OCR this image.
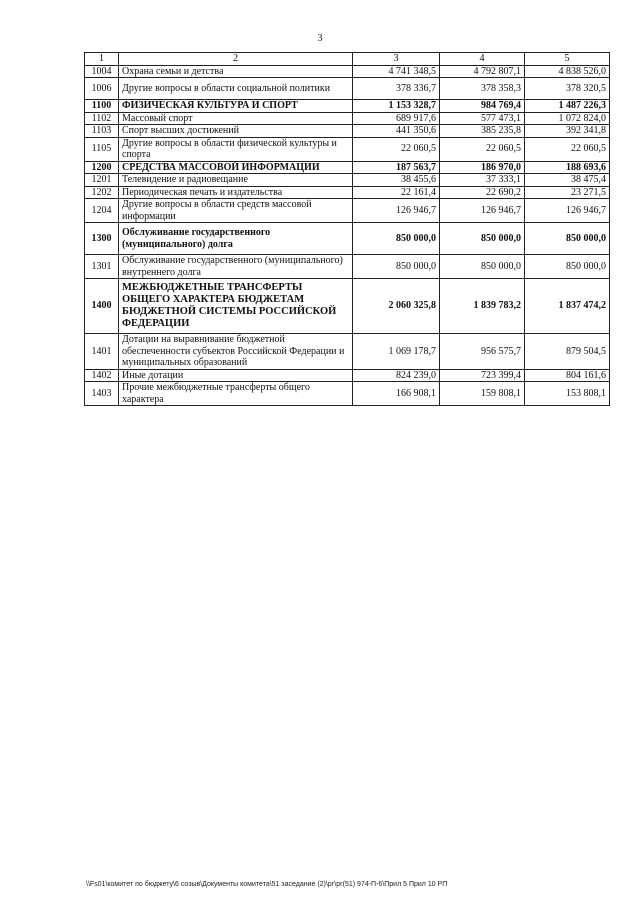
3
1	2	3	4	5
1004	Охрана семьи и детства	4 741 348,5	4 792 807,1	4 838 526,0
1006	Другие вопросы в области социальной политики	378 336,7	378 358,3	378 320,5
1100	ФИЗИЧЕСКАЯ КУЛЬТУРА И СПОРТ	1 153 328,7	984 769,4	1 487 226,3
1102	Массовый спорт	689 917,6	577 473,1	1 072 824,0
1103	Спорт высших достижений	441 350,6	385 235,8	392 341,8
1105	Другие вопросы в области физической культуры и спорта	22 060,5	22 060,5	22 060,5
1200	СРЕДСТВА МАССОВОЙ ИНФОРМАЦИИ	187 563,7	186 970,0	188 693,6
1201	Телевидение и радиовещание	38 455,6	37 333,1	38 475,4
1202	Периодическая печать и издательства	22 161,4	22 690,2	23 271,5
1204	Другие вопросы в области средств массовой информации	126 946,7	126 946,7	126 946,7
1300	Обслуживание государственного (муниципального) долга	850 000,0	850 000,0	850 000,0
1301	Обслуживание государственного (муниципального) внутреннего долга	850 000,0	850 000,0	850 000,0
1400	МЕЖБЮДЖЕТНЫЕ ТРАНСФЕРТЫ ОБЩЕГО ХАРАКТЕРА БЮДЖЕТАМ БЮДЖЕТНОЙ СИСТЕМЫ РОССИЙСКОЙ ФЕДЕРАЦИИ	2 060 325,8	1 839 783,2	1 837 474,2
1401	Дотации на выравнивание бюджетной обеспеченности субъектов Российской Федерации и муниципальных образований	1 069 178,7	956 575,7	879 504,5
1402	Иные дотации	824 239,0	723 399,4	804 161,6
1403	Прочие межбюджетные трансферты общего характера	166 908,1	159 808,1	153 808,1
\\Fs01\комитет по бюджету\6 созыв\Документы комитета\51 заседание (2)\рг\рг(51) 974-П-6\Прил 5 Прил 10 РП
